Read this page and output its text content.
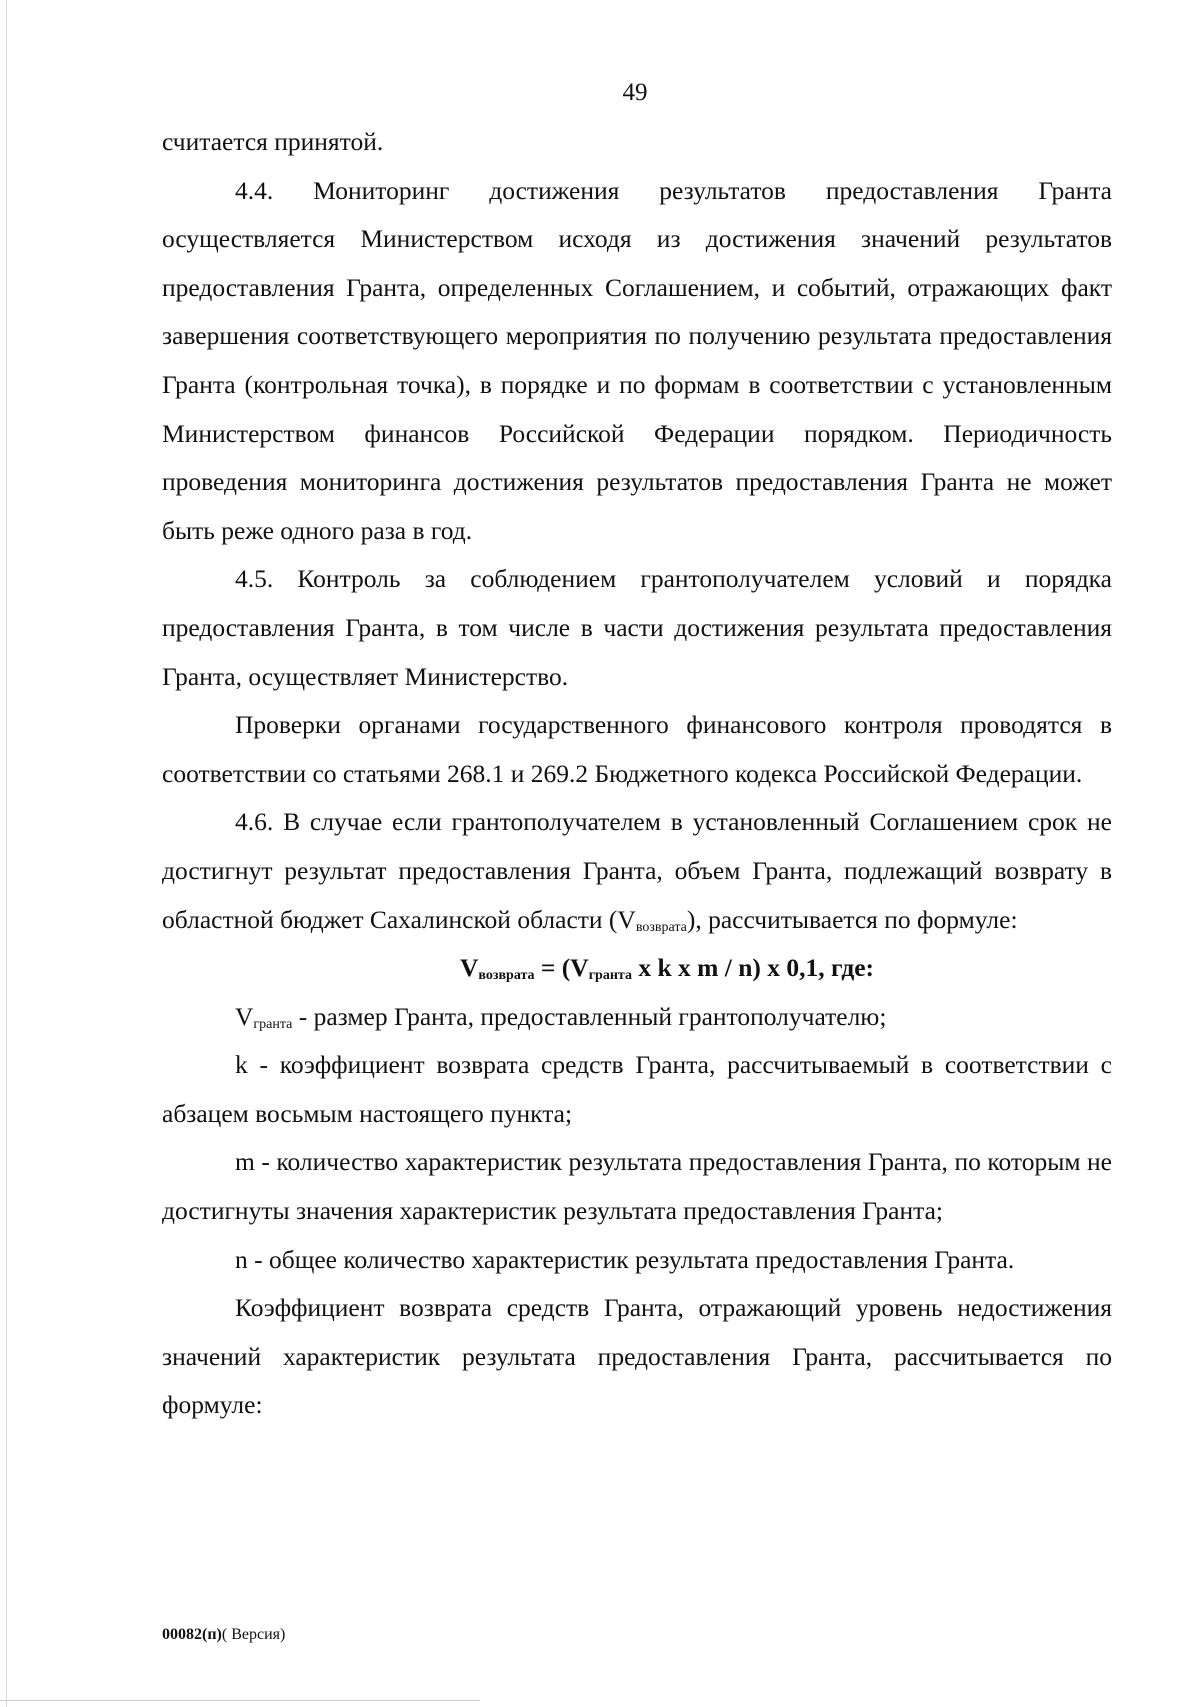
49

считается принятой.

4.4. Мониторинг достижения результатов предоставления Гранта осуществляется Министерством исходя из достижения значений результатов предоставления Гранта, определенных Соглашением, и событий, отражающих факт завершения соответствующего мероприятия по получению результата предоставления Гранта (контрольная точка), в порядке и по формам в соответствии с установленным Министерством финансов Российской Федерации порядком. Периодичность проведения мониторинга достижения результатов предоставления Гранта не может быть реже одного раза в год.

4.5. Контроль за соблюдением грантополучателем условий и порядка предоставления Гранта, в том числе в части достижения результата предоставления Гранта, осуществляет Министерство.

Проверки органами государственного финансового контроля проводятся в соответствии со статьями 268.1 и 269.2 Бюджетного кодекса Российской Федерации.

4.6. В случае если грантополучателем в установленный Соглашением срок не достигнут результат предоставления Гранта, объем Гранта, подлежащий возврату в областной бюджет Сахалинской области $(V_{возврата})$, рассчитывается по формуле:

$V_{возврата} = (V_{гранта}$ x k x m / n) x 0,1, где:

$V_{гранта}$ - размер Гранта, предоставленный грантополучателю;

k - коэффициент возврата средств Гранта, рассчитываемый в соответствии с абзацем восьмым настоящего пункта;

m - количество характеристик результата предоставления Гранта, по которым не достигнуты значения характеристик результата предоставления Гранта;

n - общее количество характеристик результата предоставления Гранта.

Коэффициент возврата средств Гранта, отражающий уровень недостижения значений характеристик результата предоставления Гранта, рассчитывается по формуле:

00082(п)( Версия)
